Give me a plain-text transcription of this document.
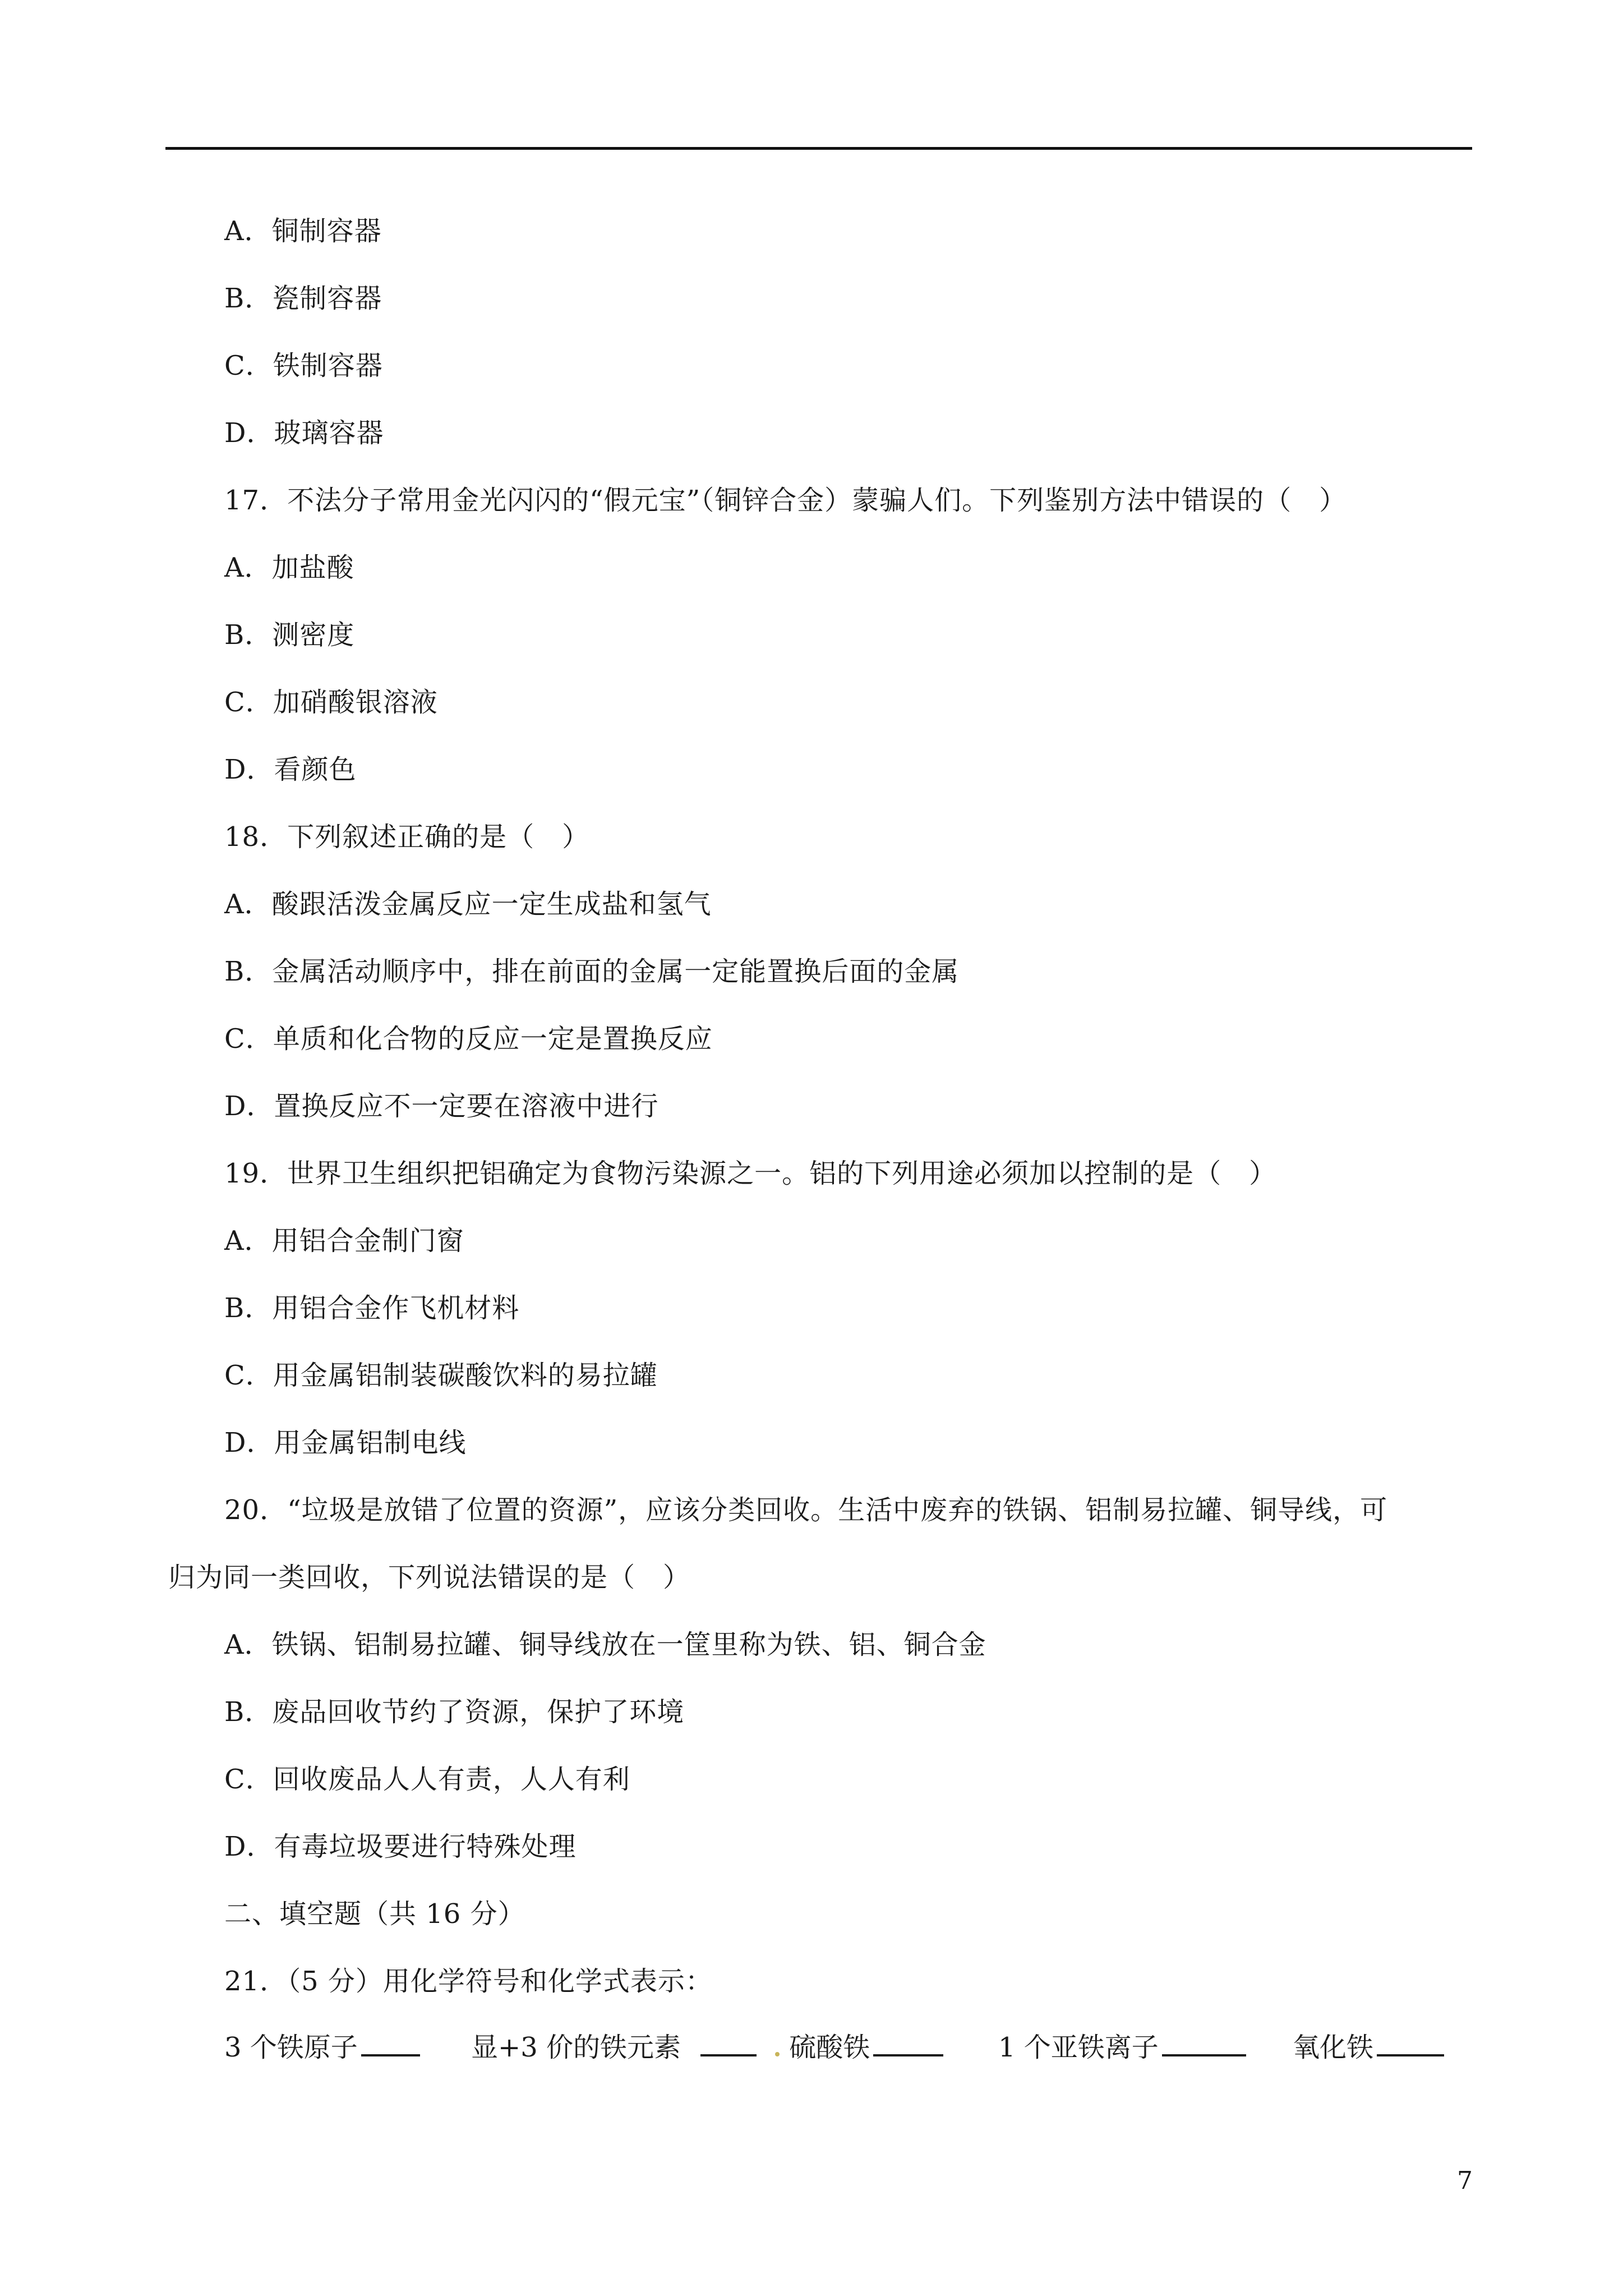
A．铜制容器
B．瓷制容器
C．铁制容器
D．玻璃容器
17．不法分子常用金光闪闪的“假元宝”（铜锌合金）蒙骗人们。下列鉴别方法中错误的（　）
A．加盐酸
B．测密度
C．加硝酸银溶液
D．看颜色
18．下列叙述正确的是（　）
A．酸跟活泼金属反应一定生成盐和氢气
B．金属活动顺序中，排在前面的金属一定能置换后面的金属
C．单质和化合物的反应一定是置换反应
D．置换反应不一定要在溶液中进行
19．世界卫生组织把铝确定为食物污染源之一。铝的下列用途必须加以控制的是（　）
A．用铝合金制门窗
B．用铝合金作飞机材料
C．用金属铝制装碳酸饮料的易拉罐
D．用金属铝制电线
20．“垃圾是放错了位置的资源”，应该分类回收。生活中废弃的铁锅、铝制易拉罐、铜导线，可
归为同一类回收，下列说法错误的是（　）
A．铁锅、铝制易拉罐、铜导线放在一筐里称为铁、铝、铜合金
B．废品回收节约了资源，保护了环境
C．回收废品人人有责，人人有利
D．有毒垃圾要进行特殊处理
二、填空题（共 16 分）
21．（5 分）用化学符号和化学式表示：
3 个铁原子	显+3 价的铁元素	硫酸铁	1 个亚铁离子	氧化铁
7
